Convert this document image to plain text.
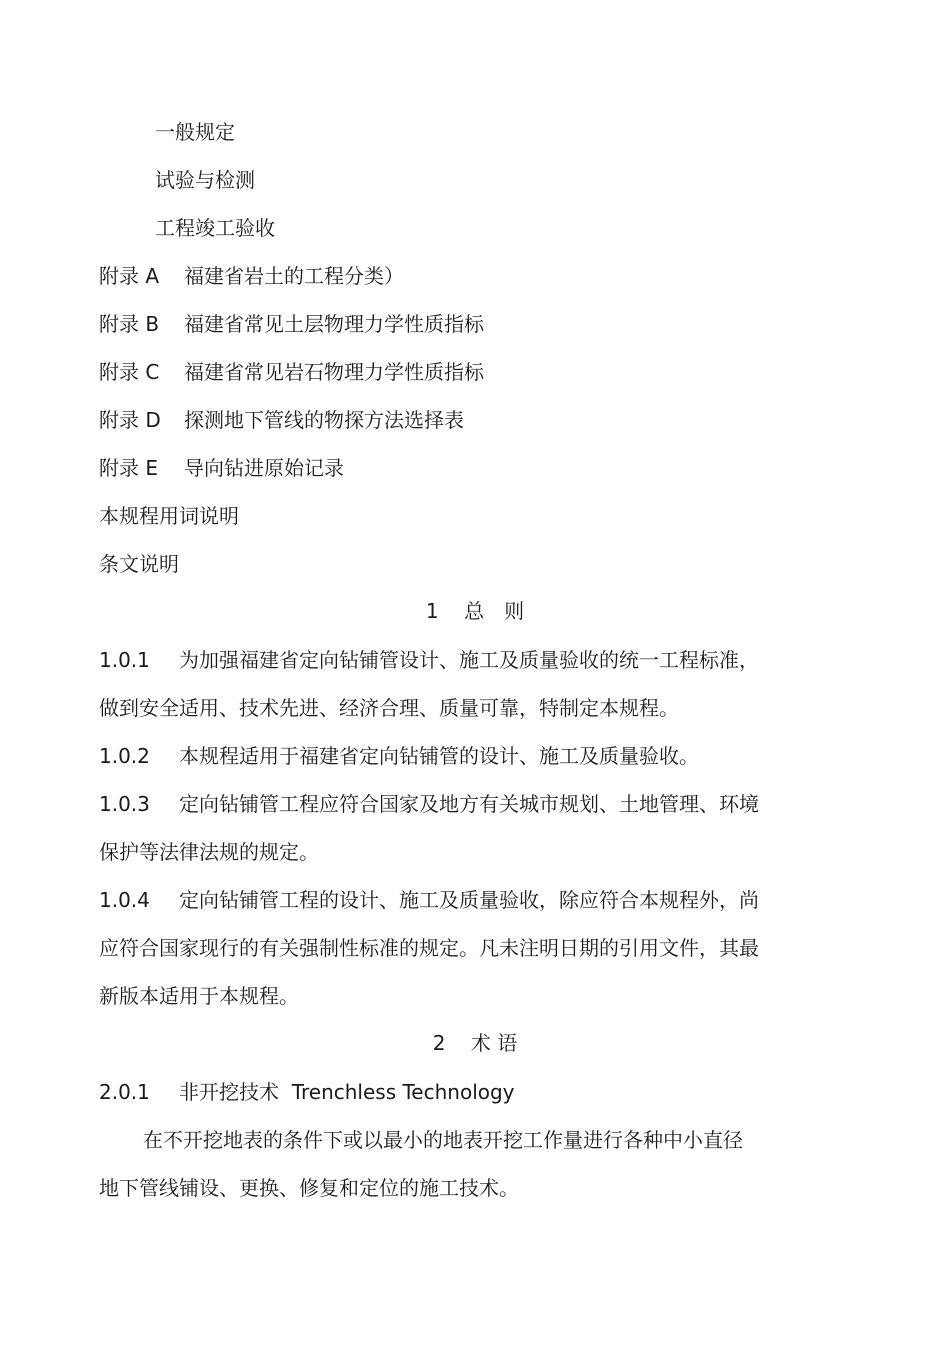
一般规定
试验与检测
工程竣工验收
附录 A 福建省岩土的工程分类）
附录 B 福建省常见土层物理力学性质指标
附录 C 福建省常见岩石物理力学性质指标
附录 D 探测地下管线的物探方法选择表
附录 E 导向钻进原始记录
本规程用词说明
条文说明
1 总　则
1.0.1 为加强福建省定向钻铺管设计、施工及质量验收的统一工程标准，
做到安全适用、技术先进、经济合理、质量可靠，特制定本规程。
1.0.2 本规程适用于福建省定向钻铺管的设计、施工及质量验收。
1.0.3 定向钻铺管工程应符合国家及地方有关城市规划、土地管理、环境
保护等法律法规的规定。
1.0.4 定向钻铺管工程的设计、施工及质量验收，除应符合本规程外，尚
应符合国家现行的有关强制性标准的规定。凡未注明日期的引用文件，其最
新版本适用于本规程。
2 术 语
2.0.1 非开挖技术 Trenchless Technology
在不开挖地表的条件下或以最小的地表开挖工作量进行各种中小直径
地下管线铺设、更换、修复和定位的施工技术。
